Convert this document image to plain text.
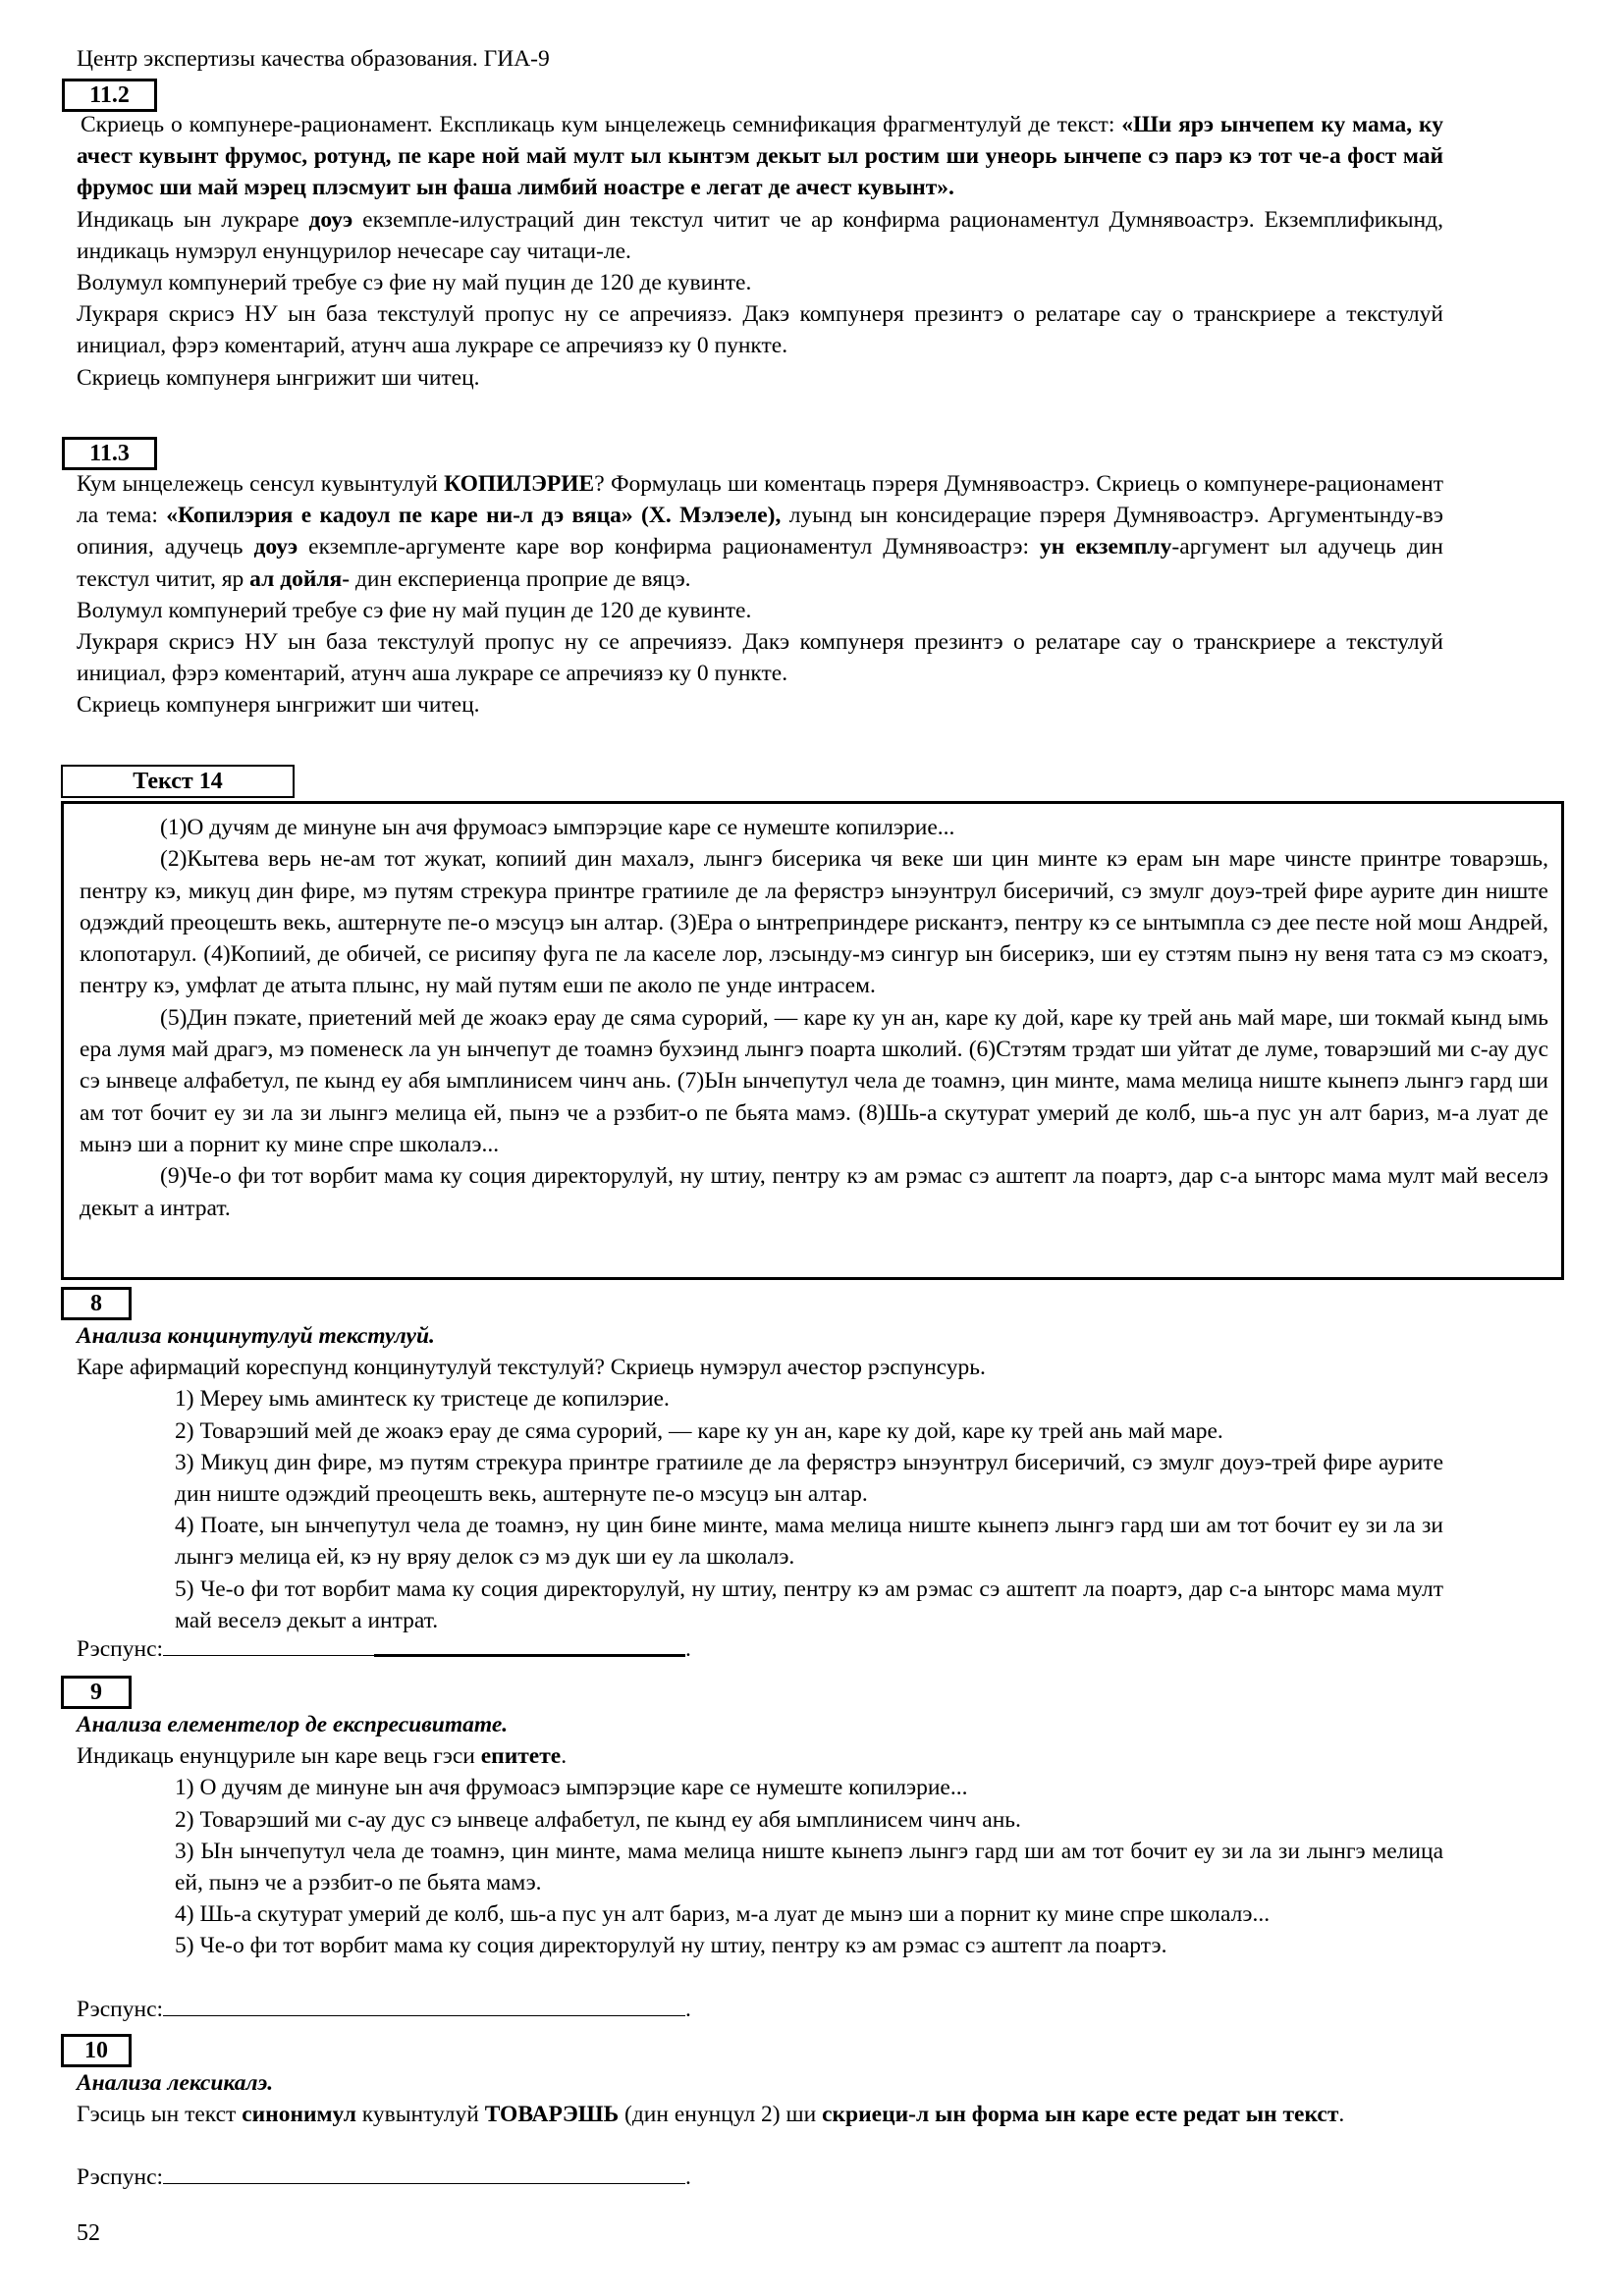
Центр экспертизы качества образования. ГИА-9
11.2

Скриець о компунере-рационамент. Експликаць кум ынцележець семнификация фрагментулуй де текст: «Ши ярэ ынчепем ку мама, ку ачест кувынт фрумос, ротунд, пе каре ной май мулт ыл кынтэм декыт ыл ростим ши унеорь ынчепе сэ парэ кэ тот че-а фост май фрумос ши май мэрец плэсмуит ын фаша лимбий ноастре е легат де ачест кувынт».

Индикаць ын лукраре доуэ екземпле-илустраций дин текстул читит че ар конфирма рационаментул Думнявоастрэ. Екземплификынд, индикаць нумэрул енунцурилор нечесаре сау читаци-ле.

Волумул компунерий требуе сэ фие ну май пуцин де 120 де кувинте.

Лукраря скрисэ НУ ын база текстулуй пропус ну се апречиязэ. Дакэ компунеря презинтэ о релатаре сау о транскриере а текстулуй инициал, фэрэ коментарий, атунч аша лукраре се апречиязэ ку 0 пункте.

Скриець компунеря ынгрижит ши читец.

11.3

Кум ынцележець сенсул кувынтулуй КОПИЛЭРИЕ? Формулаць ши коментаць пэреря Думнявоастрэ. Скриець о компунере-рационамент ла тема: «Копилэрия е кадоул пе каре ни-л дэ вяца» (Х. Мэлэеле), луынд ын консидерацие пэреря Думнявоастрэ. Аргументынду-вэ опиния, адучець доуэ екземпле-аргументе каре вор конфирма рационаментул Думнявоастрэ: ун екземплу-аргумент ыл адучець дин текстул читит, яр ал дойля- дин експериенца проприе де вяцэ.

Волумул компунерий требуе сэ фие ну май пуцин де 120 де кувинте.

Лукраря скрисэ НУ ын база текстулуй пропус ну се апречиязэ. Дакэ компунеря презинтэ о релатаре сау о транскриере а текстулуй инициал, фэрэ коментарий, атунч аша лукраре се апречиязэ ку 0 пункте.

Скриець компунеря ынгрижит ши читец.

Текст 14

(1)О дучям де минуне ын ачя фрумоасэ ымпэрэцие каре се нумеште копилэрие...

(2)Кытева верь не-ам тот жукат, копиий дин махалэ, лынгэ бисерика чя веке ши цин минте кэ ерам ын маре чинсте принтре товарэшь, пентру кэ, микуц дин фире, мэ путям стрекура принтре гратииле де ла ферястрэ ынэунтрул бисеричий, сэ змулг доуэ-трей фире аурите дин ниште одэждий преоцешть векь, аштернуте пе-о мэсуцэ ын алтар. (3)Ера о ынтреприндере рискантэ, пентру кэ се ынтымпла сэ дее песте ной мош Андрей, клопотарул. (4)Копиий, де обичей, се рисипяу фуга пе ла каселе лор, лэсынду-мэ сингур ын бисерикэ, ши еу стэтям пынэ ну веня тата сэ мэ скоатэ, пентру кэ, умфлат де атыта плынс, ну май путям еши пе аколо пе унде интрасем.

(5)Дин пэкате, приетений мей де жоакэ ерау де сяма сурорий, — каре ку ун ан, каре ку дой, каре ку трей ань май маре, ши токмай кынд ымь ера лумя май драгэ, мэ поменеск ла ун ынчепут де тоамнэ бухэинд лынгэ поарта школий. (6)Стэтям трэдат ши уйтат де луме, товарэший ми с-ау дус сэ ынвеце алфабетул, пе кынд еу абя ымплинисем чинч ань. (7)Ын ынчепутул чела де тоамнэ, цин минте, мама мелица ниште кынепэ лынгэ гард ши ам тот бочит еу зи ла зи лынгэ мелица ей, пынэ че а рэзбит-о пе бьята мамэ. (8)Шь-а скутурат умерий де колб, шь-а пус ун алт бариз, м-а луат де мынэ ши а порнит ку мине спре школалэ...

(9)Че-о фи тот ворбит мама ку соция директорулуй, ну штиу, пентру кэ ам рэмас сэ аштепт ла поартэ, дар с-а ынторс мама мулт май веселэ декыт а интрат.

8

Анализа концинутулуй текстулуй.

Каре афирмаций кореспунд концинутулуй текстулуй? Скриець нумэрул ачестор рэспунсурь.

1) Мереу ымь аминтеск ку тристеце де копилэрие.

2) Товарэший мей де жоакэ ерау де сяма сурорий, — каре ку ун ан, каре ку дой, каре ку трей ань май маре.

3) Микуц дин фире, мэ путям стрекура принтре гратииле де ла ферястрэ ынэунтрул бисеричий, сэ змулг доуэ-трей фире аурите дин ниште одэждий преоцешть векь, аштернуте пе-о мэсуцэ ын алтар.

4) Поате, ын ынчепутул чела де тоамнэ, ну цин бине минте, мама мелица ниште кынепэ лынгэ гард ши ам тот бочит еу зи ла зи лынгэ мелица ей, кэ ну вряу делок сэ мэ дук ши еу ла школалэ.

5) Че-о фи тот ворбит мама ку соция директорулуй, ну штиу, пентру кэ ам рэмас сэ аштепт ла поартэ, дар с-а ынторс мама мулт май веселэ декыт а интрат.

Рэспунс:	.
9

Анализа елементелор де експресивитате.

Индикаць енунцуриле ын каре вець гэси епитете.

1) О дучям де минуне ын ачя фрумоасэ ымпэрэцие каре се нумеште копилэрие...

2) Товарэший ми с-ау дус сэ ынвеце алфабетул, пе кынд еу абя ымплинисем чинч ань.

3) Ын ынчепутул чела де тоамнэ, цин минте, мама мелица ниште кынепэ лынгэ гард ши ам тот бочит еу зи ла зи лынгэ мелица ей, пынэ че а рэзбит-о пе бьята мамэ.

4) Шь-а скутурат умерий де колб, шь-а пус ун алт бариз, м-а луат де мынэ ши а порнит ку мине спре школалэ...

5) Че-о фи тот ворбит мама ку соция директорулуй ну штиу, пентру кэ ам рэмас сэ аштепт ла поартэ.

Рэспунс:	.
10

Анализа лексикалэ.

Гэсиць ын текст синонимул кувынтулуй ТОВАРЭШЬ (дин енунцул 2) ши скриеци-л ын форма ын каре есте редат ын текст.

Рэспунс:	.
52
